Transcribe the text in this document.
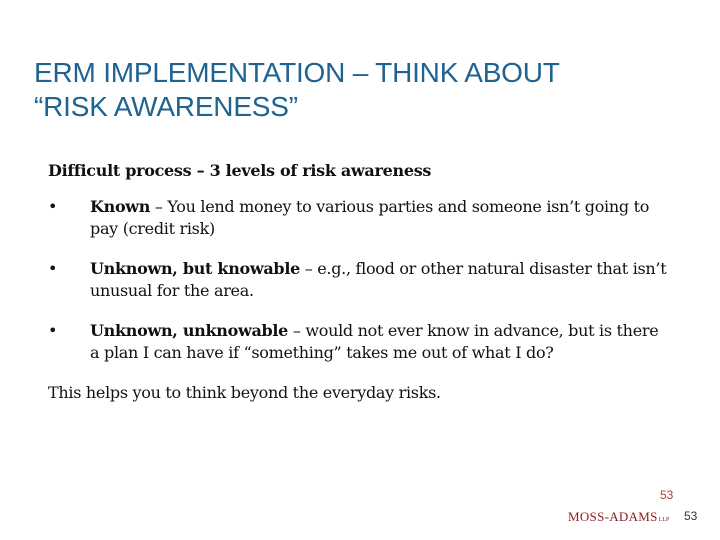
ERM IMPLEMENTATION – THINK ABOUT
“RISK AWARENESS”

Difficult process – 3 levels of risk awareness

• Known – You lend money to various parties and someone isn’t going to pay (credit risk)
• Unknown, but knowable – e.g., flood or other natural disaster that isn’t unusual for the area.
• Unknown, unknowable – would not ever know in advance, but is there a plan I can have if “something” takes me out of what I do?

This helps you to think beyond the everyday risks.

53
MOSS-ADAMSLLP 53
